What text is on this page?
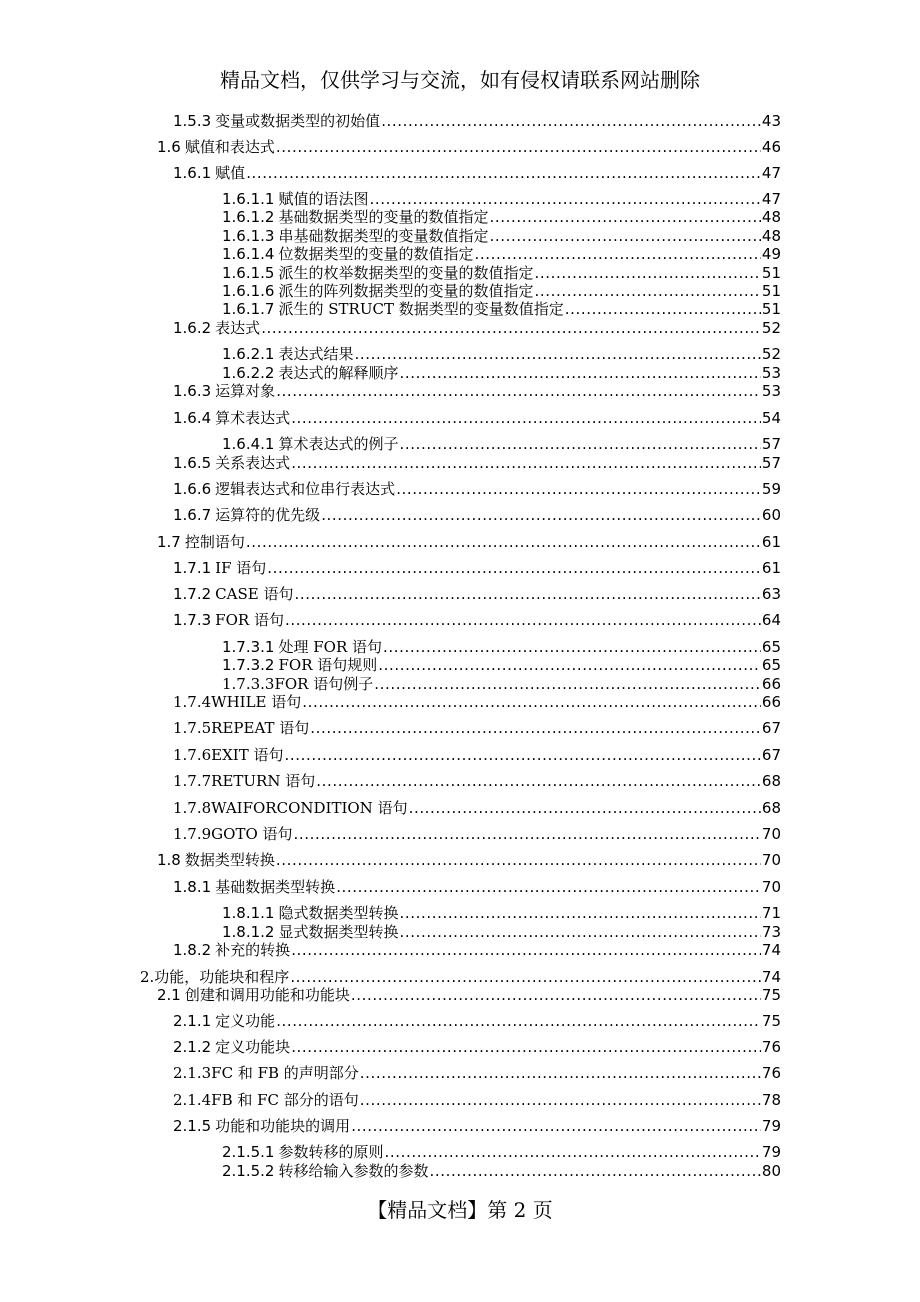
精品文档，仅供学习与交流，如有侵权请联系网站删除
1.5.3 变量或数据类型的初始值 .....	43
1.6 赋值和表达式 .....	46
1.6.1 赋值 .....	47
1.6.1.1 赋值的语法图 .....	47
1.6.1.2 基础数据类型的变量的数值指定 .....	48
1.6.1.3 串基础数据类型的变量数值指定 .....	48
1.6.1.4 位数据类型的变量的数值指定 .....	49
1.6.1.5 派生的枚举数据类型的变量的数值指定 .....	51
1.6.1.6 派生的阵列数据类型的变量的数值指定 .....	51
1.6.1.7 派生的 STRUCT 数据类型的变量数值指定 .....	51
1.6.2 表达式 .....	52
1.6.2.1 表达式结果 .....	52
1.6.2.2 表达式的解释顺序 .....	53
1.6.3 运算对象 .....	53
1.6.4 算术表达式 .....	54
1.6.4.1 算术表达式的例子 .....	57
1.6.5 关系表达式 .....	57
1.6.6 逻辑表达式和位串行表达式 .....	59
1.6.7 运算符的优先级 .....	60
1.7 控制语句 .....	61
1.7.1 IF 语句 .....	61
1.7.2 CASE 语句 .....	63
1.7.3 FOR 语句 .....	64
1.7.3.1 处理 FOR 语句 .....	65
1.7.3.2 FOR 语句规则 .....	65
1.7.3.3FOR 语句例子 .....	66
1.7.4WHILE 语句 .....	66
1.7.5REPEAT 语句 .....	67
1.7.6EXIT 语句 .....	67
1.7.7RETURN 语句 .....	68
1.7.8WAIFORCONDITION 语句 .....	68
1.7.9GOTO 语句 .....	70
1.8 数据类型转换 .....	70
1.8.1 基础数据类型转换 .....	70
1.8.1.1 隐式数据类型转换 .....	71
1.8.1.2 显式数据类型转换 .....	73
1.8.2 补充的转换 .....	74
2.功能，功能块和程序 .....	74
2.1 创建和调用功能和功能块 .....	75
2.1.1 定义功能 .....	75
2.1.2 定义功能块 .....	76
2.1.3FC 和 FB 的声明部分 .....	76
2.1.4FB 和 FC 部分的语句 .....	78
2.1.5 功能和功能块的调用 .....	79
2.1.5.1 参数转移的原则 .....	79
2.1.5.2 转移给输入参数的参数 .....	80
【精品文档】第 2 页
